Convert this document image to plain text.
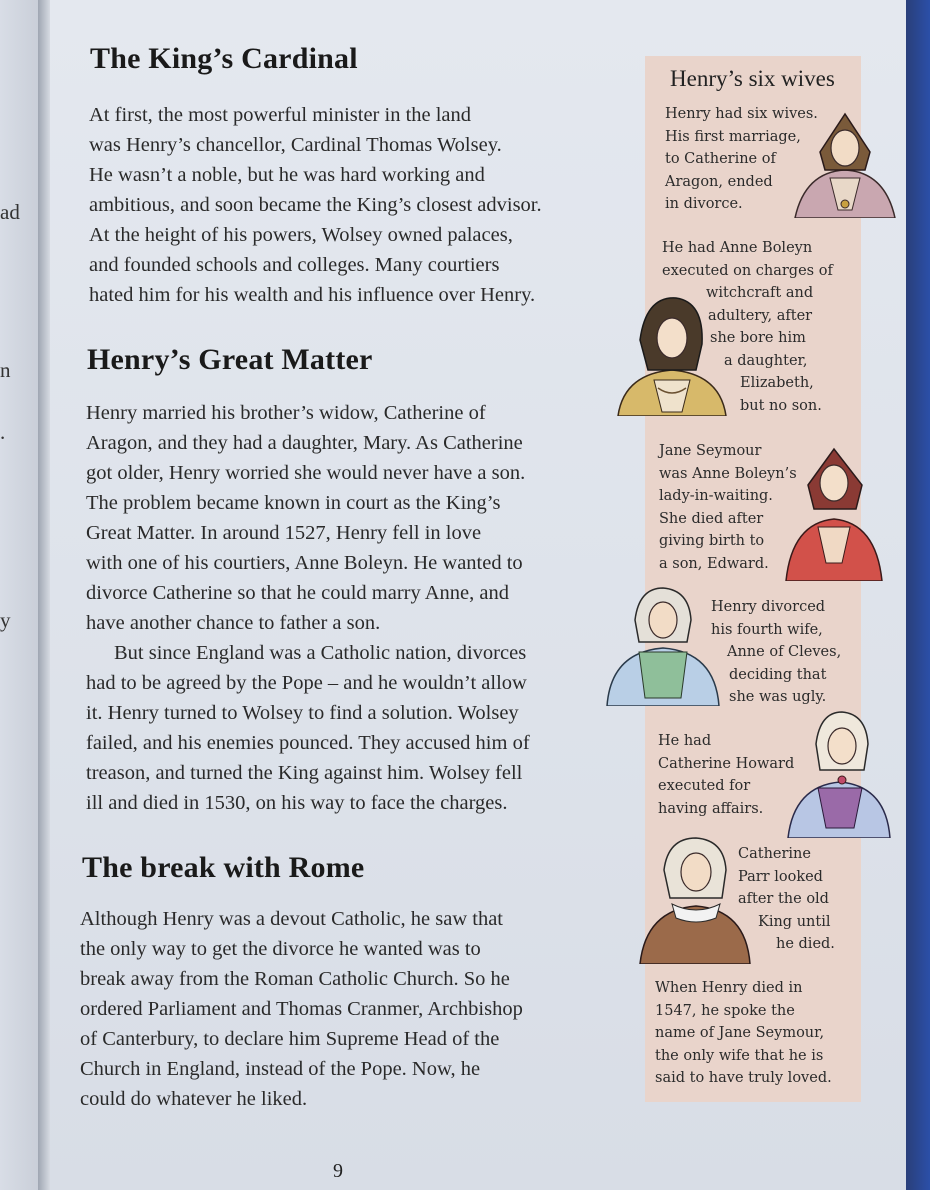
ad
n
.
y
The King’s Cardinal
At first, the most powerful minister in the land
was Henry’s chancellor, Cardinal Thomas Wolsey.
He wasn’t a noble, but he was hard working and
ambitious, and soon became the King’s closest advisor.
At the height of his powers, Wolsey owned palaces,
and founded schools and colleges. Many courtiers
hated him for his wealth and his influence over Henry.
Henry’s Great Matter
Henry married his brother’s widow, Catherine of
Aragon, and they had a daughter, Mary. As Catherine
got older, Henry worried she would never have a son.
The problem became known in court as the King’s
Great Matter. In around 1527, Henry fell in love
with one of his courtiers, Anne Boleyn. He wanted to
divorce Catherine so that he could marry Anne, and
have another chance to father a son.
But since England was a Catholic nation, divorces
had to be agreed by the Pope – and he wouldn’t allow
it. Henry turned to Wolsey to find a solution. Wolsey
failed, and his enemies pounced. They accused him of
treason, and turned the King against him. Wolsey fell
ill and died in 1530, on his way to face the charges.
The break with Rome
Although Henry was a devout Catholic, he saw that
the only way to get the divorce he wanted was to
break away from the Roman Catholic Church. So he
ordered Parliament and Thomas Cranmer, Archbishop
of Canterbury, to declare him Supreme Head of the
Church in England, instead of the Pope. Now, he
could do whatever he liked.
9
Henry’s six wives
Henry had six wives.
His first marriage,
to Catherine of
Aragon, ended
in divorce.
He had Anne Boleyn
executed on charges of
witchcraft and
adultery, after
she bore him
a daughter,
Elizabeth,
but no son.
Jane Seymour
was Anne Boleyn’s
lady-in-waiting.
She died after
giving birth to
a son, Edward.
Henry divorced
his fourth wife,
Anne of Cleves,
deciding that
she was ugly.
He had
Catherine Howard
executed for
having affairs.
Catherine
Parr looked
after the old
King until
he died.
When Henry died in
1547, he spoke the
name of Jane Seymour,
the only wife that he is
said to have truly loved.
